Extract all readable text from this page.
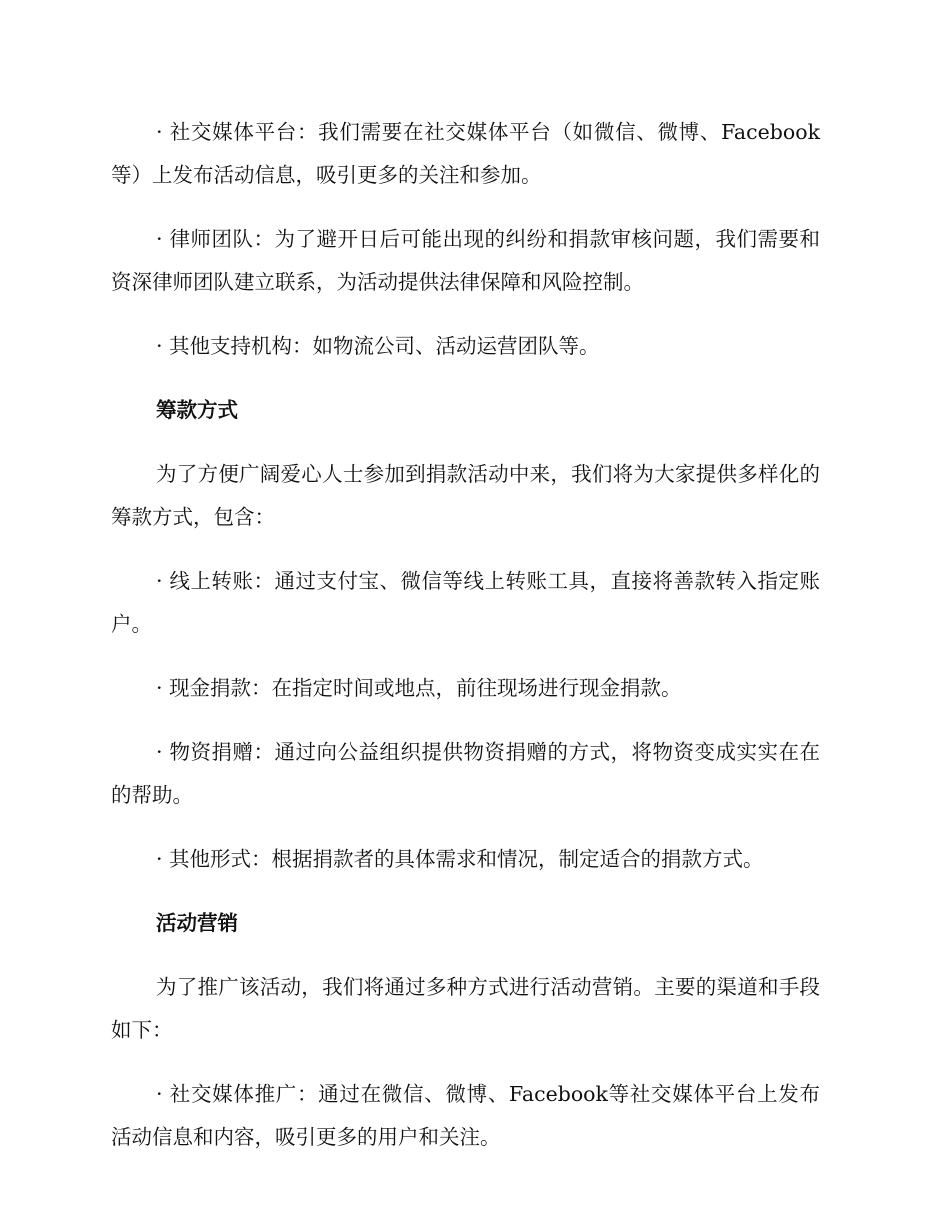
· 社交媒体平台：我们需要在社交媒体平台（如微信、微博、Facebook等）上发布活动信息，吸引更多的关注和参加。

· 律师团队：为了避开日后可能出现的纠纷和捐款审核问题，我们需要和资深律师团队建立联系，为活动提供法律保障和风险控制。

· 其他支持机构：如物流公司、活动运营团队等。

筹款方式

为了方便广阔爱心人士参加到捐款活动中来，我们将为大家提供多样化的筹款方式，包含：

· 线上转账：通过支付宝、微信等线上转账工具，直接将善款转入指定账户。

· 现金捐款：在指定时间或地点，前往现场进行现金捐款。

· 物资捐赠：通过向公益组织提供物资捐赠的方式，将物资变成实实在在的帮助。

· 其他形式：根据捐款者的具体需求和情况，制定适合的捐款方式。

活动营销

为了推广该活动，我们将通过多种方式进行活动营销。主要的渠道和手段如下：

· 社交媒体推广：通过在微信、微博、Facebook等社交媒体平台上发布活动信息和内容，吸引更多的用户和关注。
